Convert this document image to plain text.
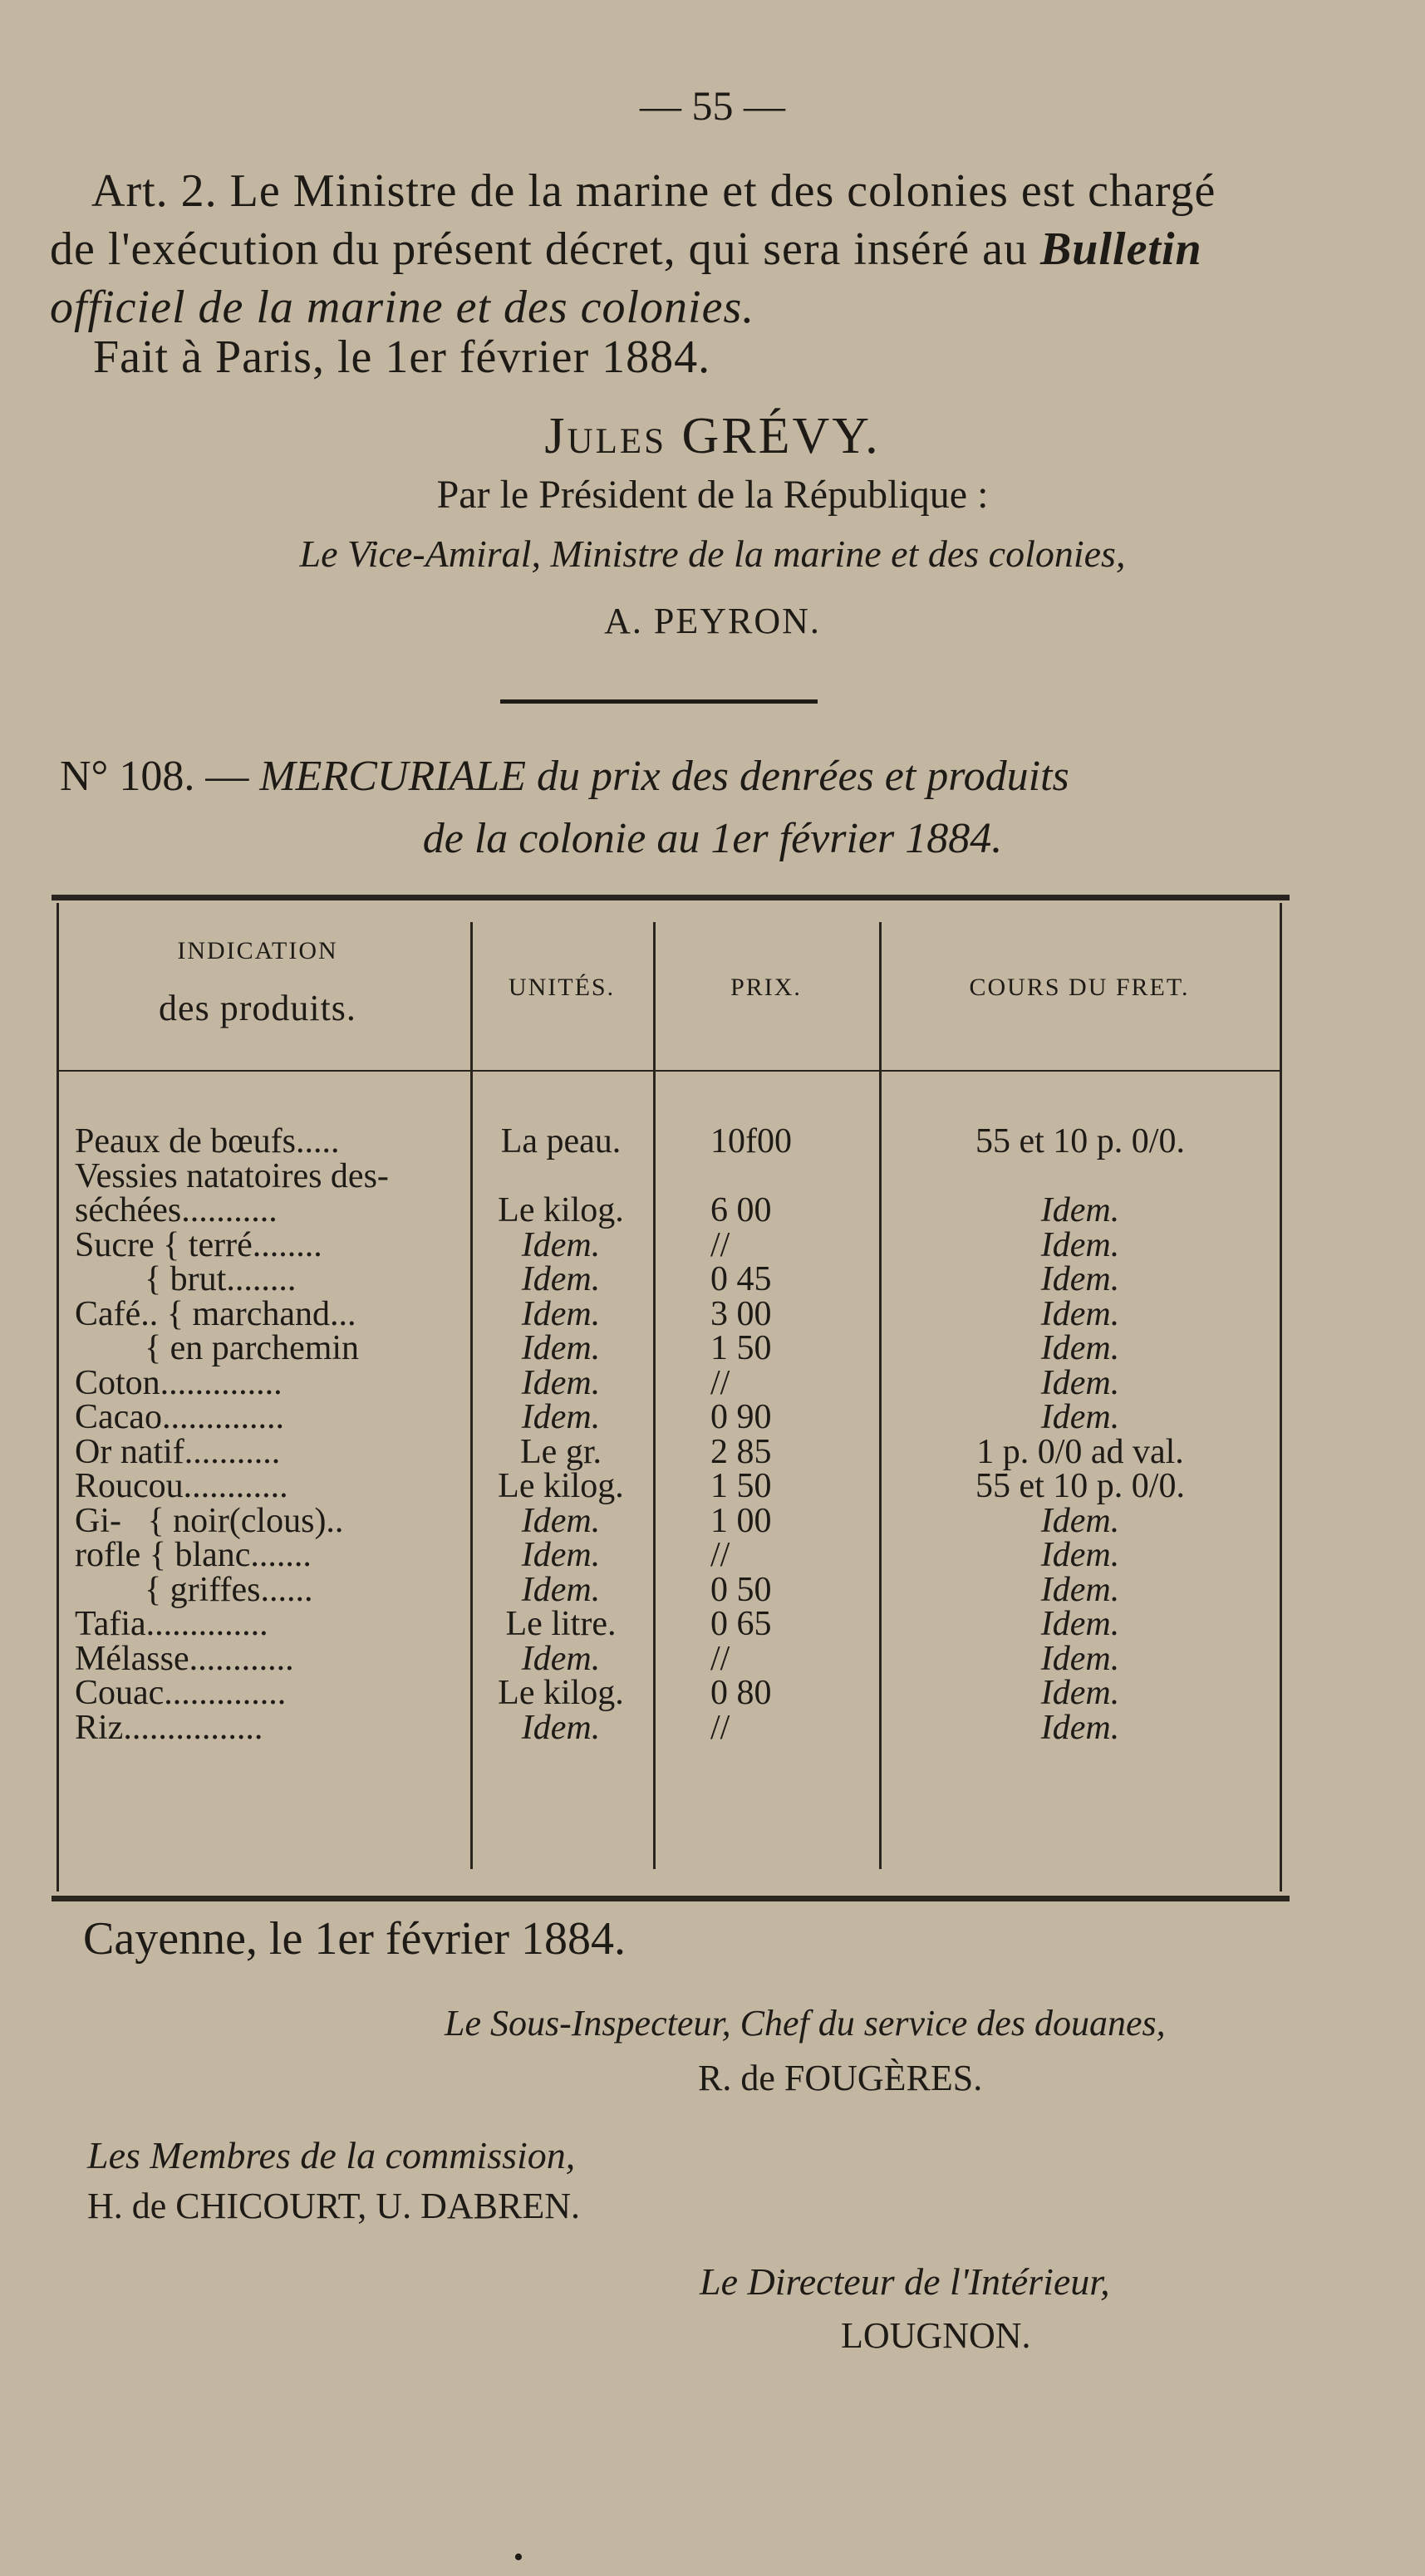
— 55 —
Art. 2. Le Ministre de la marine et des colonies est chargé
de l'exécution du présent décret, qui sera inséré au Bulletin
officiel de la marine et des colonies.
Fait à Paris, le 1er février 1884.
Jules GRÉVY.
Par le Président de la République :
Le Vice-Amiral, Ministre de la marine et des colonies,
A. PEYRON.
N° 108. — MERCURIALE du prix des denrées et produits
de la colonie au 1er février 1884.
INDICATION
des produits.
UNITÉS.	PRIX.	COURS DU FRET.
Peaux de bœufs.....	La peau.	10f00	55 et 10 p. 0/0.
Vessies natatoires des-
séchées...........	Le kilog.	6 00	Idem.
Sucre { terré........	Idem.	//	Idem.
{ brut........	Idem.	0 45	Idem.
Café.. { marchand...	Idem.	3 00	Idem.
{ en parchemin	Idem.	1 50	Idem.
Coton..............	Idem.	//	Idem.
Cacao..............	Idem.	0 90	Idem.
Or natif...........	Le gr.	2 85	1 p. 0/0 ad val.
Roucou............	Le kilog.	1 50	55 et 10 p. 0/0.
Gi-   { noir(clous)..	Idem.	1 00	Idem.
rofle { blanc.......	Idem.	//	Idem.
{ griffes......	Idem.	0 50	Idem.
Tafia..............	Le litre.	0 65	Idem.
Mélasse............	Idem.	//	Idem.
Couac..............	Le kilog.	0 80	Idem.
Riz................	Idem.	//	Idem.
Cayenne, le 1er février 1884.
Le Sous-Inspecteur, Chef du service des douanes,
R. de FOUGÈRES.
Les Membres de la commission,
H. de CHICOURT, U. DABREN.
Le Directeur de l'Intérieur,
LOUGNON.
•
